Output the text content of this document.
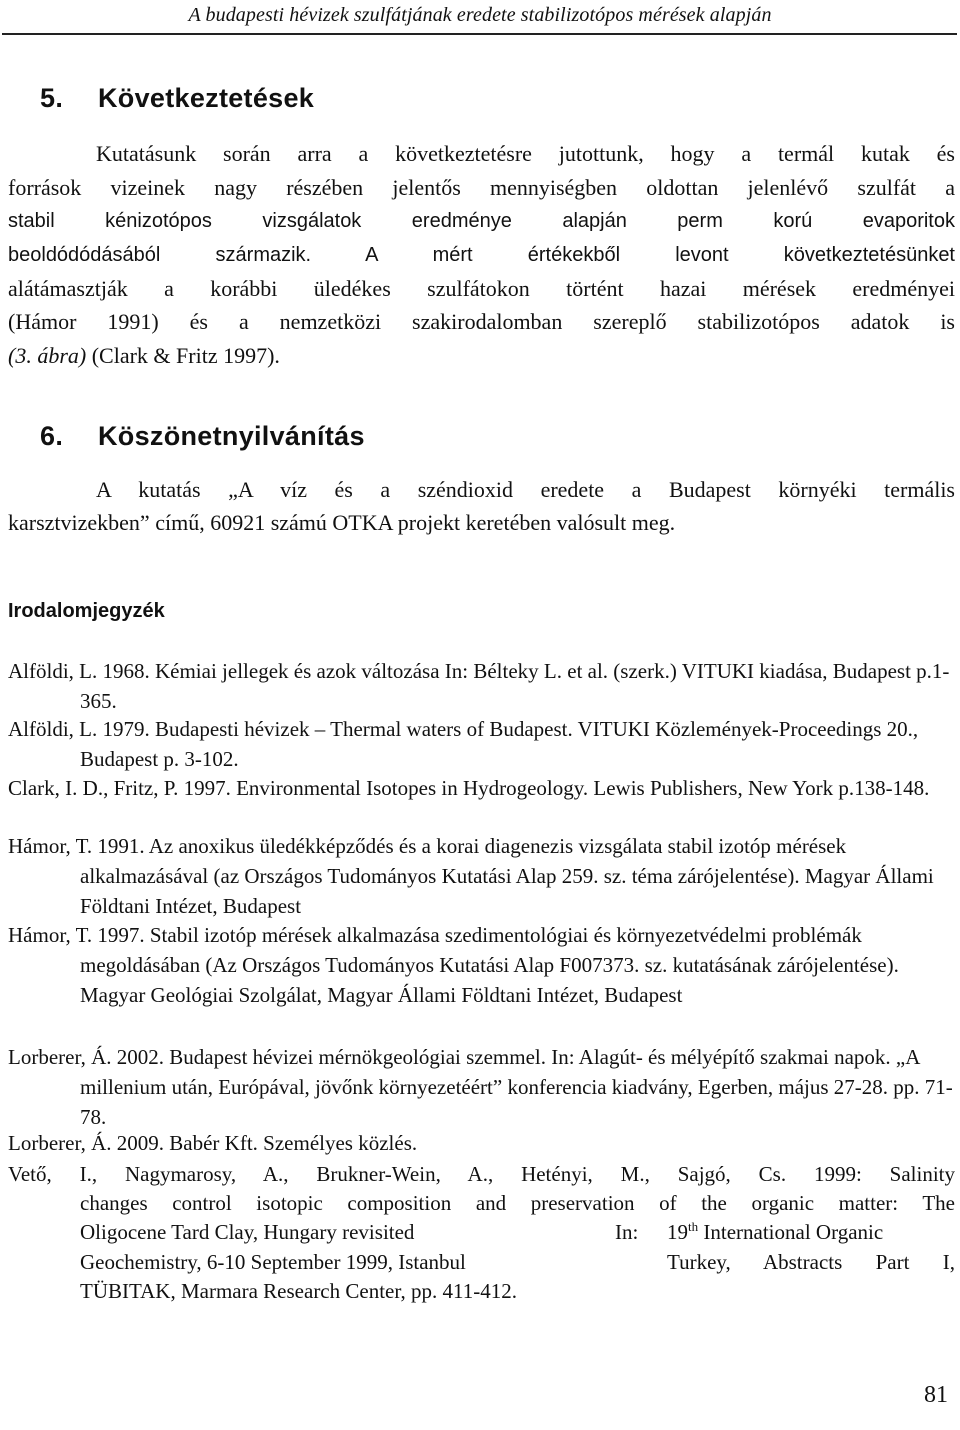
A budapesti hévizek szulfátjának eredete stabilizotópos mérések alapján
5. Következtetések
Kutatásunk során arra a következtetésre jutottunk, hogy a termál kutak és
források vizeinek nagy részében jelentős mennyiségben oldottan jelenlévő szulfát a
stabil kénizotópos vizsgálatok eredménye alapján perm korú evaporitok
beoldódódásából származik. A mért értékekből levont következtetésünket
alátámasztják a korábbi üledékes szulfátokon történt hazai mérések eredményei
(Hámor 1991) és a nemzetközi szakirodalomban szereplő stabilizotópos adatok is
(3. ábra) (Clark & Fritz 1997).
6. Köszönetnyilvánítás
A kutatás „A víz és a széndioxid eredete a Budapest környéki termális
karsztvizekben” című, 60921 számú OTKA projekt keretében valósult meg.
Irodalomjegyzék
Alföldi, L. 1968. Kémiai jellegek és azok változása In: Bélteky L. et al. (szerk.) VITUKI kiadása, Budapest p.1-365.
Alföldi, L. 1979. Budapesti hévizek – Thermal waters of Budapest. VITUKI Közlemények-Proceedings 20., Budapest p. 3-102.
Clark, I. D., Fritz, P. 1997. Environmental Isotopes in Hydrogeology. Lewis Publishers, New York p.138-148.
Hámor, T. 1991. Az anoxikus üledékképződés és a korai diagenezis vizsgálata stabil izotóp mérések alkalmazásával (az Országos Tudományos Kutatási Alap 259. sz. téma zárójelentése). Magyar Állami Földtani Intézet, Budapest
Hámor, T. 1997. Stabil izotóp mérések alkalmazása szedimentológiai és környezetvédelmi problémák megoldásában (Az Országos Tudományos Kutatási Alap F007373. sz. kutatásának zárójelentése). Magyar Geológiai Szolgálat, Magyar Állami Földtani Intézet, Budapest
Lorberer, Á. 2002. Budapest hévizei mérnökgeológiai szemmel. In: Alagút- és mélyépítő szakmai napok. „A millenium után, Európával, jövőnk környezetéért” konferencia kiadvány, Egerben, május 27-28. pp. 71-78.
Lorberer, Á. 2009. Babér Kft. Személyes közlés.
Vető, I., Nagymarosy, A., Brukner-Wein, A., Hetényi, M., Sajgó, Cs. 1999: Salinity
changes control isotopic composition and preservation of the organic matter: The
Oligocene Tard Clay, Hungary revisited	In: 19th International Organic
Geochemistry, 6-10 September 1999, Istanbul	Turkey, Abstracts Part I,
TÜBITAK, Marmara Research Center, pp. 411-412.
81
